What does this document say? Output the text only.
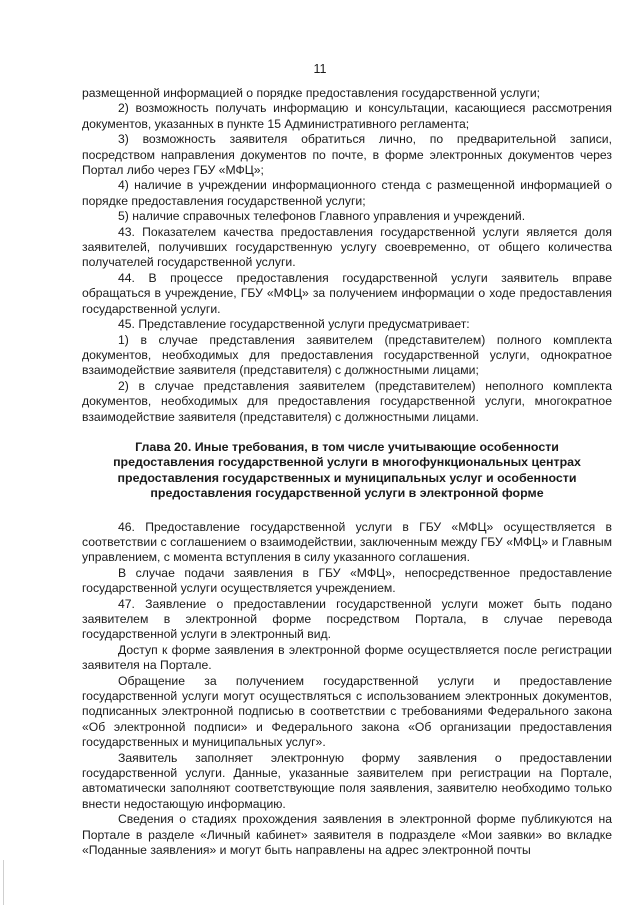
11

размещенной информацией о порядке предоставления государственной услуги;

2) возможность получать информацию и консультации, касающиеся рассмотрения документов, указанных в пункте 15 Административного регламента;

3) возможность заявителя обратиться лично, по предварительной записи, посредством направления документов по почте, в форме электронных документов через Портал либо через ГБУ «МФЦ»;

4) наличие в учреждении информационного стенда с размещенной информацией о порядке предоставления государственной услуги;

5) наличие справочных телефонов Главного управления и учреждений.

43. Показателем качества предоставления государственной услуги является доля заявителей, получивших государственную услугу своевременно, от общего количества получателей государственной услуги.

44. В процессе предоставления государственной услуги заявитель вправе обращаться в учреждение, ГБУ «МФЦ» за получением информации о ходе предоставления государственной услуги.

45. Представление государственной услуги предусматривает:

1) в случае представления заявителем (представителем) полного комплекта документов, необходимых для предоставления государственной услуги, однократное взаимодействие заявителя (представителя) с должностными лицами;

2) в случае представления заявителем (представителем) неполного комплекта документов, необходимых для предоставления государственной услуги, многократное взаимодействие заявителя (представителя) с должностными лицами.

Глава 20. Иные требования, в том числе учитывающие особенности предоставления государственной услуги в многофункциональных центрах предоставления государственных и муниципальных услуг и особенности предоставления государственной услуги в электронной форме

46. Предоставление государственной услуги в ГБУ «МФЦ» осуществляется в соответствии с соглашением о взаимодействии, заключенным между ГБУ «МФЦ» и Главным управлением, с момента вступления в силу указанного соглашения.

В случае подачи заявления в ГБУ «МФЦ», непосредственное предоставление государственной услуги осуществляется учреждением.

47. Заявление о предоставлении государственной услуги может быть подано заявителем в электронной форме посредством Портала, в случае перевода государственной услуги в электронный вид.

Доступ к форме заявления в электронной форме осуществляется после регистрации заявителя на Портале.

Обращение за получением государственной услуги и предоставление государственной услуги могут осуществляться с использованием электронных документов, подписанных электронной подписью в соответствии с требованиями Федерального закона «Об электронной подписи» и Федерального закона «Об организации предоставления государственных и муниципальных услуг».

Заявитель заполняет электронную форму заявления о предоставлении государственной услуги. Данные, указанные заявителем при регистрации на Портале, автоматически заполняют соответствующие поля заявления, заявителю необходимо только внести недостающую информацию.

Сведения о стадиях прохождения заявления в электронной форме публикуются на Портале в разделе «Личный кабинет» заявителя в подразделе «Мои заявки» во вкладке «Поданные заявления» и могут быть направлены на адрес электронной почты
